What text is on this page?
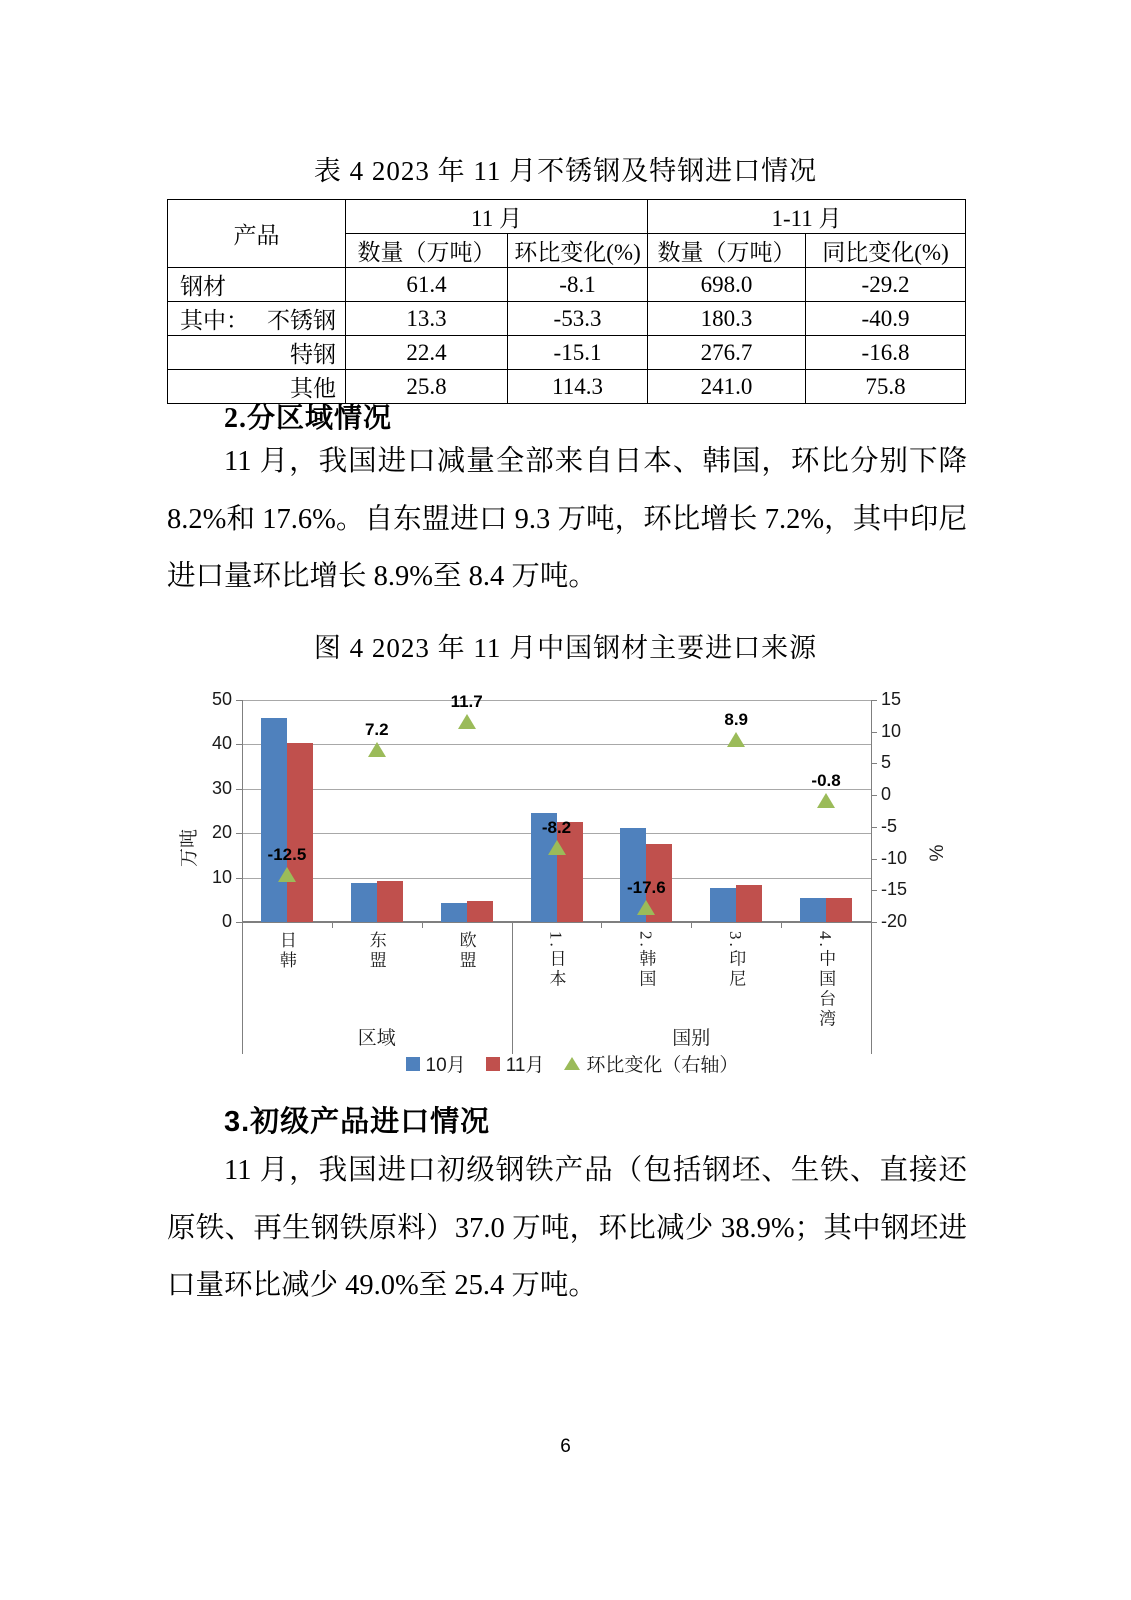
表 4 2023 年 11 月不锈钢及特钢进口情况
产品	11 月		1-11 月	
	数量（万吨）	环比变化(%)	数量（万吨）	同比变化(%)

钢材	61.4	-8.1	698.0	-29.2

其中： 不锈钢	13.3	-53.3	180.3	-40.9

特钢	22.4	-15.1	276.7	-16.8

其他	25.8	114.3	241.0	75.8
2.分区域情况
11 月，我国进口减量全部来自日本、韩国，环比分别下降 8.2%和 17.6%。自东盟进口 9.3 万吨，环比增长 7.2%，其中印尼进口量环比增长 8.9%至 8.4 万吨。
图 4 2023 年 11 月中国钢材主要进口来源
50
40
30
20
10
0
15
10
5
0
-5
-10
-15
-20
万吨	%
-12.5
7.2
11.7
-8.2
-17.6
8.9
-0.8
日韩	东盟	欧盟	1.日本	2.韩国	3.印尼	4.中国台湾
区域	国别
10月 11月 环比变化（右轴）
3.初级产品进口情况
11 月，我国进口初级钢铁产品（包括钢坯、生铁、直接还原铁、再生钢铁原料）37.0 万吨，环比减少 38.9%；其中钢坯进口量环比减少 49.0%至 25.4 万吨。
6
